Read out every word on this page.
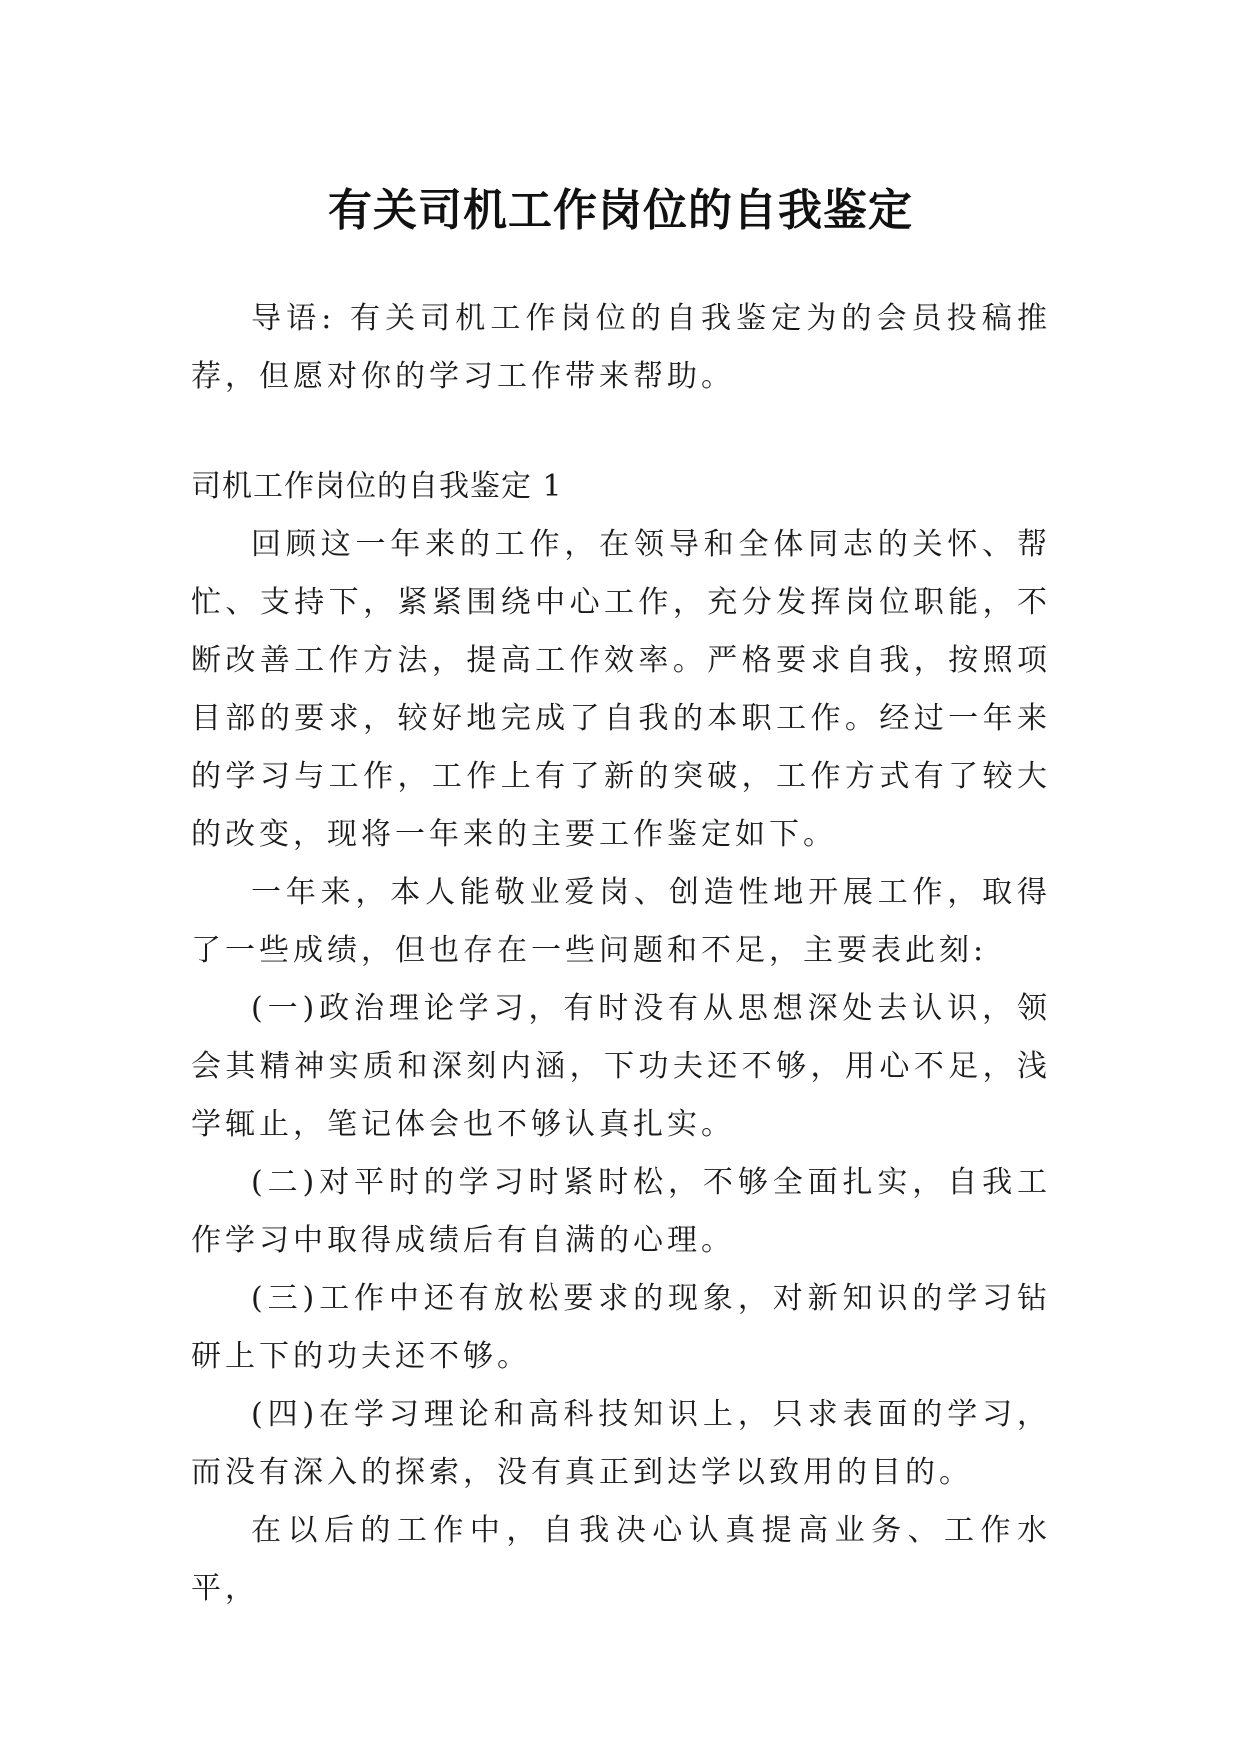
有关司机工作岗位的自我鉴定

导语: 有关司机工作岗位的自我鉴定为的会员投稿推荐，但愿对你的学习工作带来帮助。

司机工作岗位的自我鉴定 1

回顾这一年来的工作，在领导和全体同志的关怀、帮忙、支持下，紧紧围绕中心工作，充分发挥岗位职能，不断改善工作方法，提高工作效率。严格要求自我，按照项目部的要求，较好地完成了自我的本职工作。经过一年来的学习与工作，工作上有了新的突破，工作方式有了较大的改变，现将一年来的主要工作鉴定如下。

一年来，本人能敬业爱岗、创造性地开展工作，取得了一些成绩，但也存在一些问题和不足，主要表此刻:

(一)政治理论学习，有时没有从思想深处去认识，领会其精神实质和深刻内涵，下功夫还不够，用心不足，浅学辄止，笔记体会也不够认真扎实。

(二)对平时的学习时紧时松，不够全面扎实，自我工作学习中取得成绩后有自满的心理。

(三)工作中还有放松要求的现象，对新知识的学习钻研上下的功夫还不够。

(四)在学习理论和高科技知识上，只求表面的学习，而没有深入的探索，没有真正到达学以致用的目的。

在以后的工作中，自我决心认真提高业务、工作水平，
